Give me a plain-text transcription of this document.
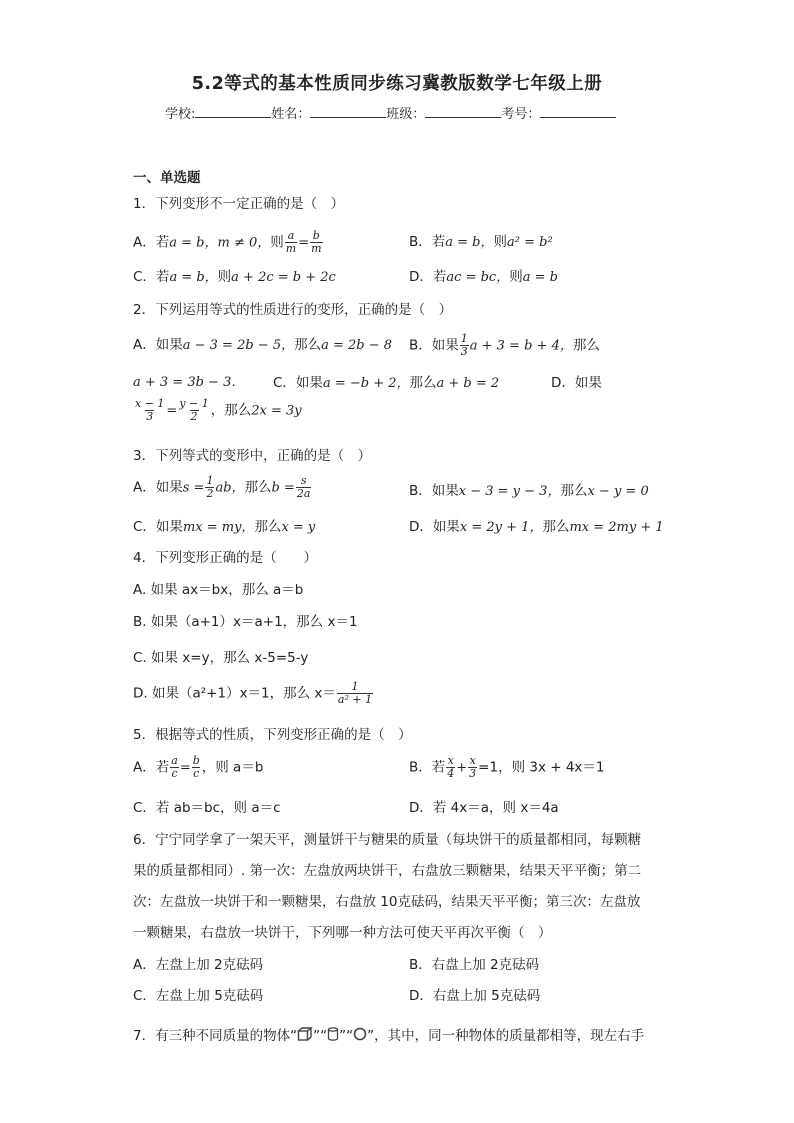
5.2等式的基本性质同步练习冀教版数学七年级上册
学校:	姓名：	班级：	考号：
一、单选题
1．下列变形不一定正确的是（　）
A．若a = b，m ≠ 0，则 $\frac{a}{m} = \frac{b}{m}$	B．若a = b，则a² = b²
C．若a = b，则a + 2c = b + 2c	D．若ac = bc，则a = b
2．下列运用等式的性质进行的变形，正确的是（　）
A．如果a − 3 = 2b − 5，那么a = 2b − 8 B．如果 $\frac{1}{3}$ a + 3 = b + 4，那么
a + 3 = 3b − 3． C．如果a = −b + 2，那么a + b = 2	D．如果
$\frac{x - 1}{3} = \frac{y - 1}{2}$ ，那么2x = 3y
3．下列等式的变形中，正确的是（　）
A．如果$s = \frac{1}{2}$ ab，那么$b = \frac{s}{2a}$	B．如果x − 3 = y − 3，那么x − y = 0
C．如果mx = my，那么x = y	D．如果x = 2y + 1，那么mx = 2my + 1
4．下列变形正确的是（　　）
A. 如果 ax＝bx，那么 a＝b
B. 如果（a+1）x＝a+1，那么 x＝1
C. 如果 x=y，那么 x-5=5-y
D. 如果（a²+1）x＝1，那么 $x= \frac{1}{\text{a² + 1}}$
5．根据等式的性质，下列变形正确的是（　）
A．若 $\frac{a}{c} = \frac{b}{c}$ ，则 a＝b	B．若 $\frac{x}{4} + \frac{x}{3} =1$，则 3x + 4x＝1
C．若 ab＝bc，则 a＝c	D．若 4x＝a，则 x＝4a
6．宁宁同学拿了一架天平，测量饼干与糖果的质量（每块饼干的质量都相同，每颗糖
果的质量都相同）. 第一次：左盘放两块饼干，右盘放三颗糖果，结果天平平衡；第二
次：左盘放一块饼干和一颗糖果，右盘放 10克砝码，结果天平平衡；第三次：左盘放
一颗糖果，右盘放一块饼干，下列哪一种方法可使天平再次平衡（　）
A．左盘上加 2克砝码	B．右盘上加 2克砝码
C．左盘上加 5克砝码	D．右盘上加 5克砝码
7．有三种不同质量的物体“ ”“ ”“ ”，其中，同一种物体的质量都相等，现左右手
